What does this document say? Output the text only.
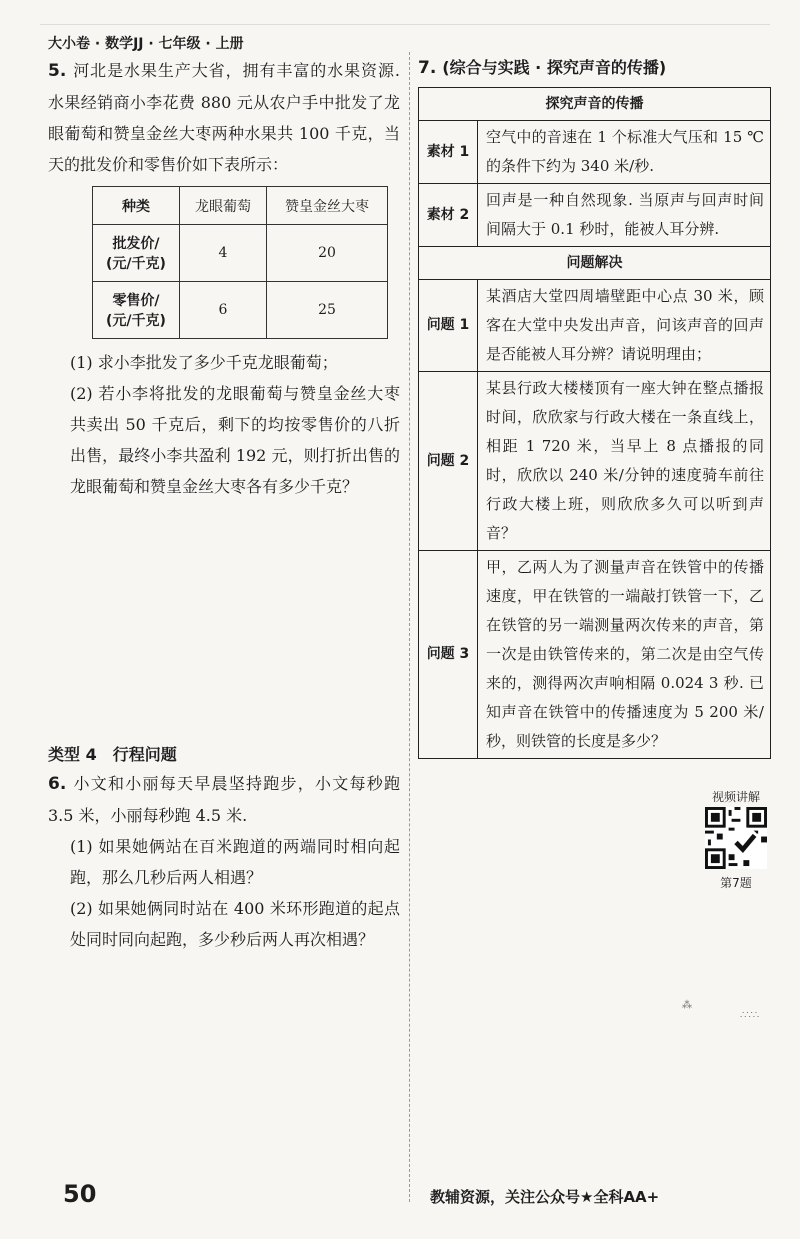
大小卷 · 数学JJ · 七年级 · 上册

5. 河北是水果生产大省，拥有丰富的水果资源. 水果经销商小李花费 880 元从农户手中批发了龙眼葡萄和赞皇金丝大枣两种水果共 100 千克，当天的批发价和零售价如下表所示：

种类	龙眼葡萄	赞皇金丝大枣

批发价/
(元/千克)	4	20

零售价/
(元/千克)	6	25

(1) 求小李批发了多少千克龙眼葡萄；

(2) 若小李将批发的龙眼葡萄与赞皇金丝大枣共卖出 50 千克后，剩下的均按零售价的八折出售，最终小李共盈利 192 元，则打折出售的龙眼葡萄和赞皇金丝大枣各有多少千克？

类型 4　行程问题

6. 小文和小丽每天早晨坚持跑步，小文每秒跑 3.5 米，小丽每秒跑 4.5 米.

(1) 如果她俩站在百米跑道的两端同时相向起跑，那么几秒后两人相遇？

(2) 如果她俩同时站在 400 米环形跑道的起点处同时同向起跑，多少秒后两人再次相遇？

7. (综合与实践 · 探究声音的传播)
探究声音的传播	
素材 1	空气中的音速在 1 个标准大气压和 15 ℃ 的条件下约为 340 米/秒.
素材 2	回声是一种自然现象. 当原声与回声时间间隔大于 0.1 秒时，能被人耳分辨.
问题解决	
问题 1	某酒店大堂四周墙壁距中心点 30 米，顾客在大堂中央发出声音，问该声音的回声是否能被人耳分辨？请说明理由；
问题 2	某县行政大楼楼顶有一座大钟在整点播报时间，欣欣家与行政大楼在一条直线上，相距 1 720 米，当早上 8 点播报的同时，欣欣以 240 米/分钟的速度骑车前往行政大楼上班，则欣欣多久可以听到声音？
问题 3	甲，乙两人为了测量声音在铁管中的传播速度，甲在铁管的一端敲打铁管一下，乙在铁管的另一端测量两次传来的声音，第一次是由铁管传来的，第二次是由空气传来的，测得两次声响相隔 0.024 3 秒. 已知声音在铁管中的传播速度为 5 200 米/秒，则铁管的长度是多少？
视频讲解
第7题
⁂
∴∵∴
50	教辅资源，关注公众号★全科AA+
